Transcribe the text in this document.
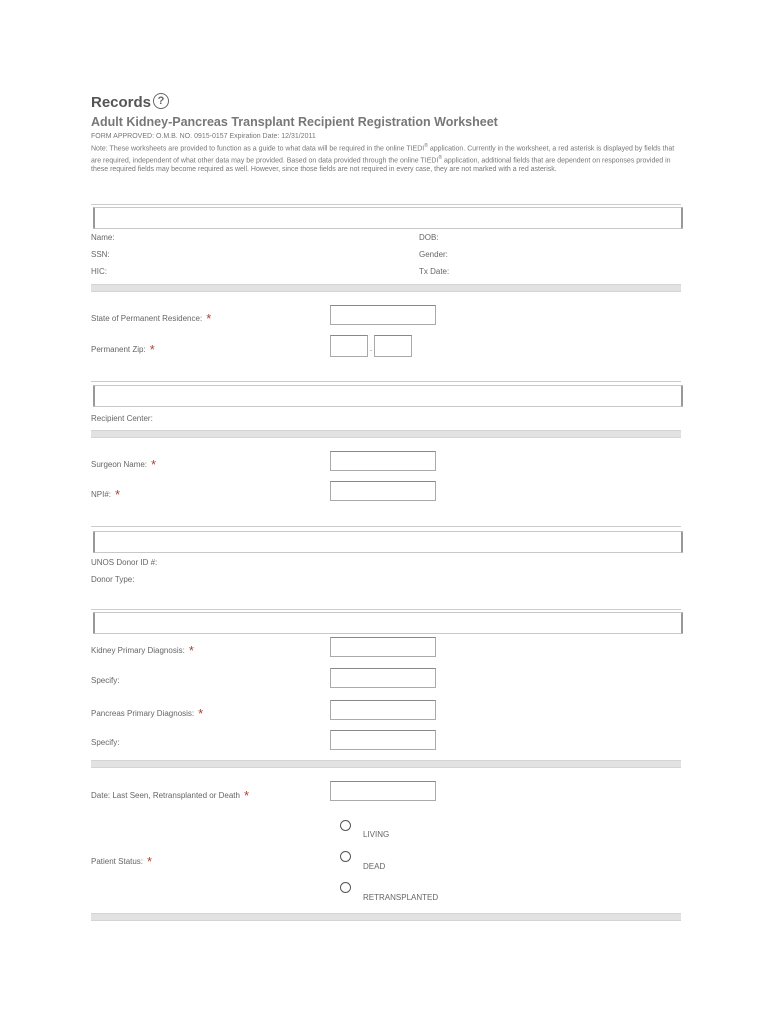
Records ?
Adult Kidney-Pancreas Transplant Recipient Registration Worksheet
FORM APPROVED: O.M.B. NO. 0915-0157 Expiration Date: 12/31/2011
Note: These worksheets are provided to function as a guide to what data will be required in the online TIEDI® application. Currently in the worksheet, a red asterisk is displayed by fields that are required, independent of what other data may be provided. Based on data provided through the online TIEDI® application, additional fields that are dependent on responses provided in these required fields may become required as well. However, since those fields are not required in every case, they are not marked with a red asterisk.
Name:	DOB:
SSN:	Gender:
HIC:	Tx Date:
State of Permanent Residence: *
Permanent Zip: *	-
Recipient Center:
Surgeon Name: *
NPI#: *
UNOS Donor ID #:
Donor Type:
Kidney Primary Diagnosis: *
Specify:
Pancreas Primary Diagnosis: *
Specify:
Date: Last Seen, Retransplanted or Death *
Patient Status: *
LIVING
DEAD
RETRANSPLANTED
